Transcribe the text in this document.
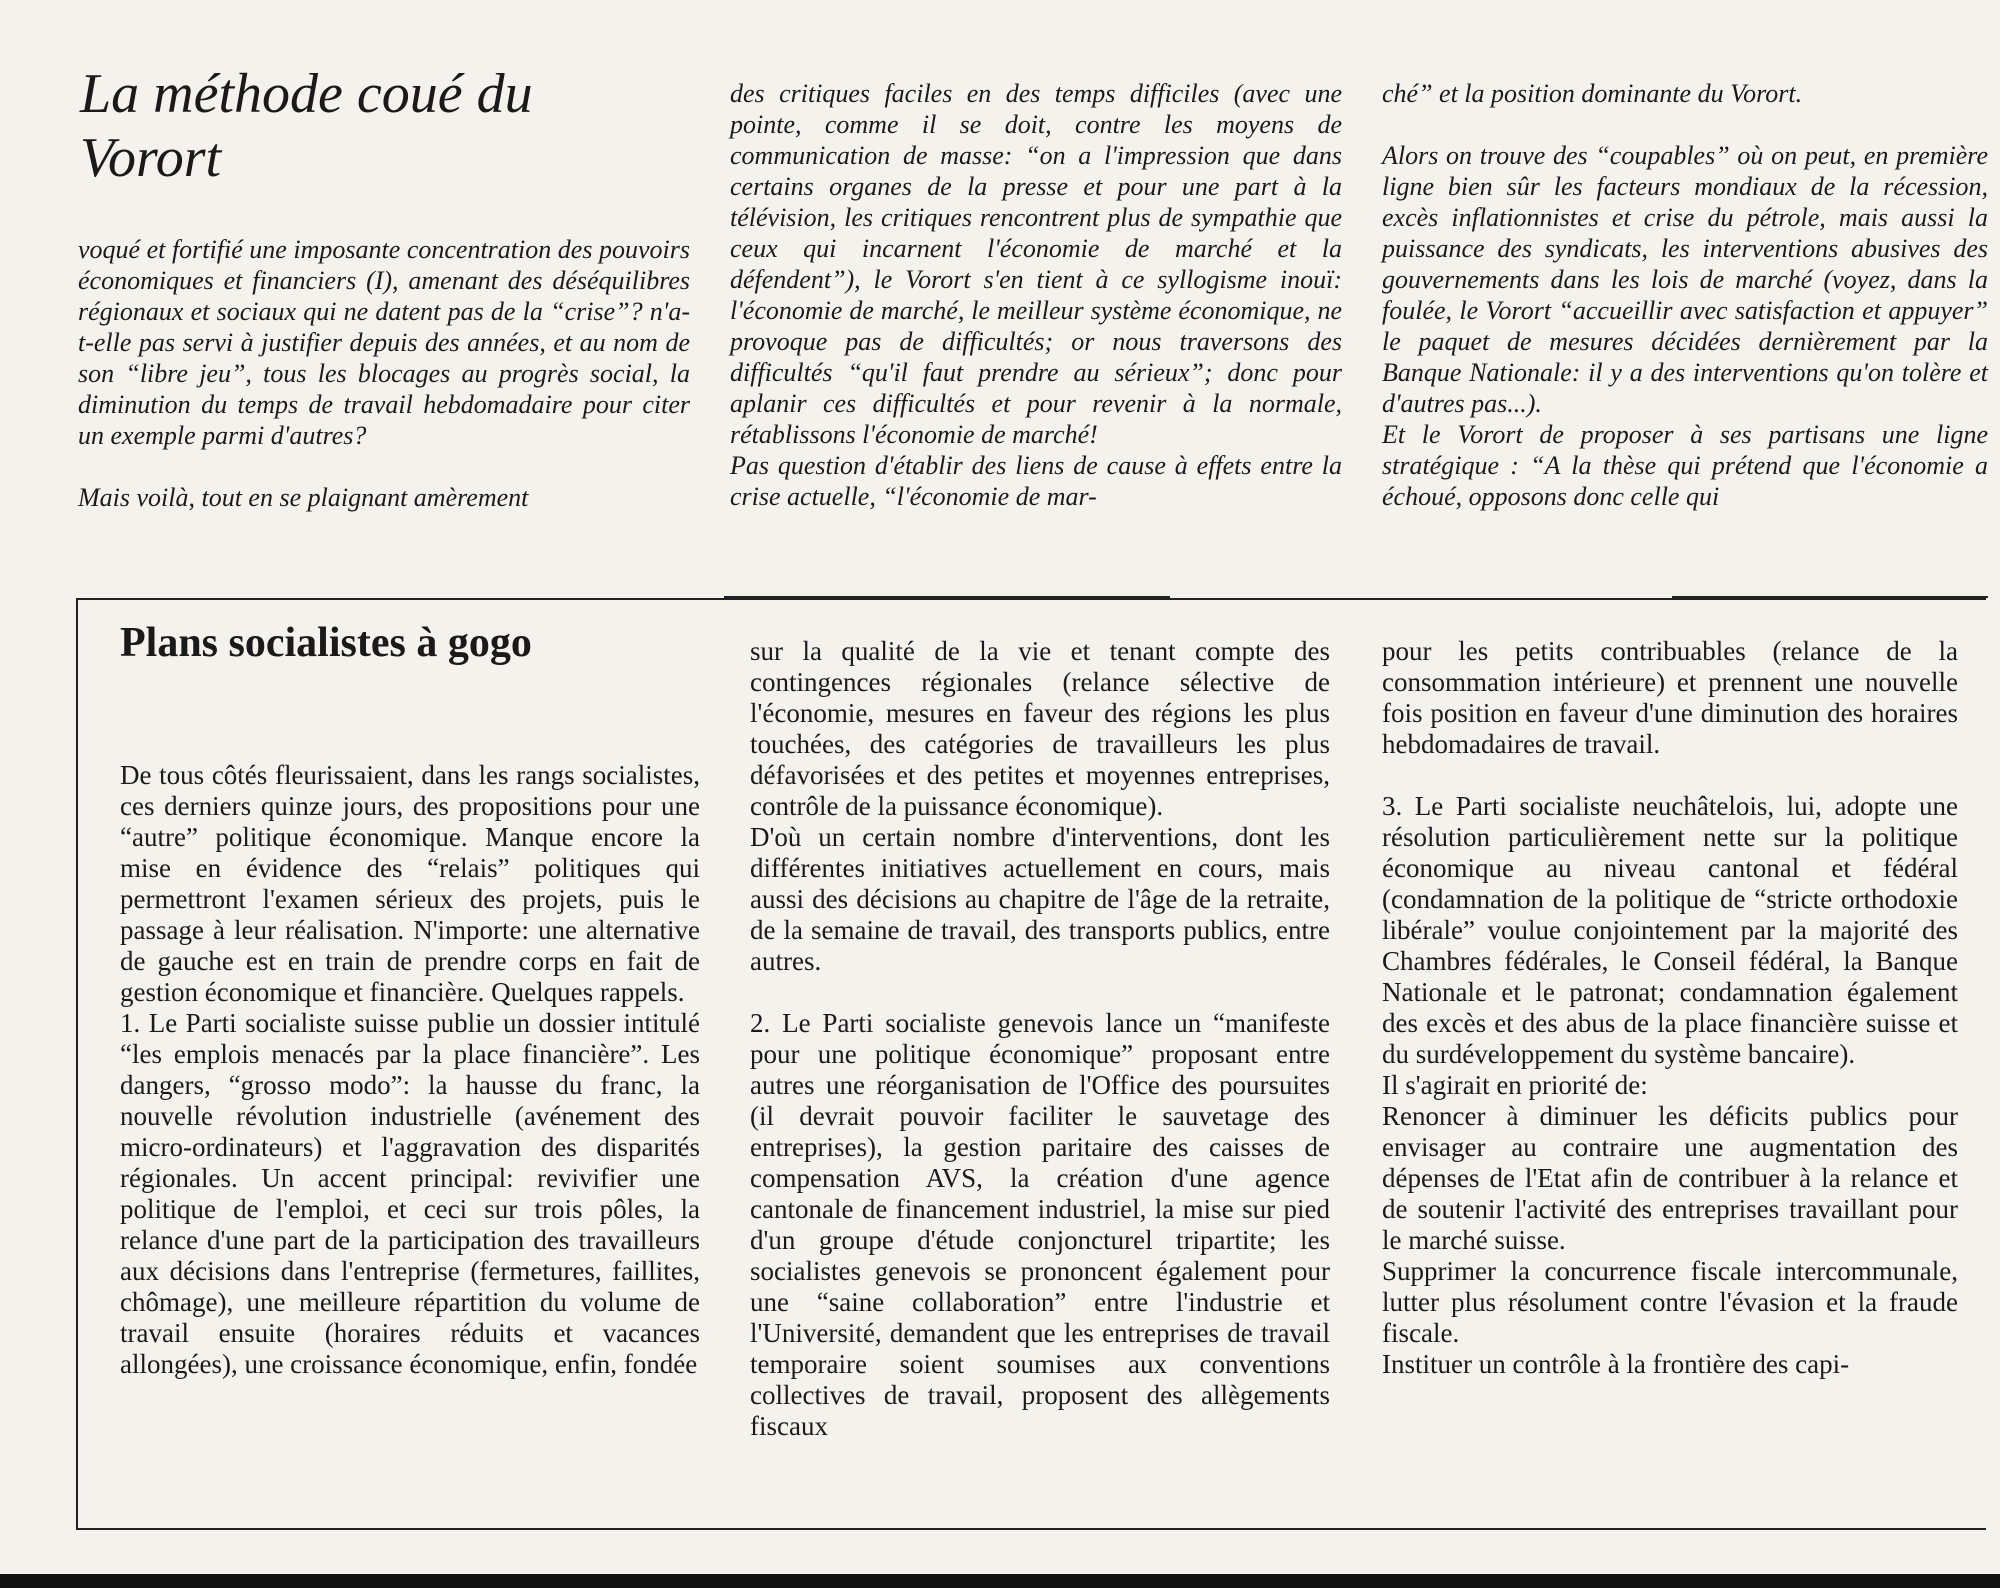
La méthode coué du Vorort

voqué et fortifié une imposante concentration des pouvoirs économiques et financiers (I), amenant des déséquilibres régionaux et sociaux qui ne datent pas de la “crise”? n'a-t-elle pas servi à justifier depuis des années, et au nom de son “libre jeu”, tous les blocages au progrès social, la diminution du temps de travail hebdomadaire pour citer un exemple parmi d'autres?

Mais voilà, tout en se plaignant amèrement

des critiques faciles en des temps difficiles (avec une pointe, comme il se doit, contre les moyens de communication de masse: “on a l'impression que dans certains organes de la presse et pour une part à la télévision, les critiques rencontrent plus de sympathie que ceux qui incarnent l'économie de marché et la défendent”), le Vorort s'en tient à ce syllogisme inouï: l'économie de marché, le meilleur système économique, ne provoque pas de difficultés; or nous traversons des difficultés “qu'il faut prendre au sérieux”; donc pour aplanir ces difficultés et pour revenir à la normale, rétablissons l'économie de marché!

Pas question d'établir des liens de cause à effets entre la crise actuelle, “l'économie de mar-

ché” et la position dominante du Vorort.

Alors on trouve des “coupables” où on peut, en première ligne bien sûr les facteurs mondiaux de la récession, excès inflationnistes et crise du pétrole, mais aussi la puissance des syndicats, les interventions abusives des gouvernements dans les lois de marché (voyez, dans la foulée, le Vorort “accueillir avec satisfaction et appuyer” le paquet de mesures décidées dernièrement par la Banque Nationale: il y a des interventions qu'on tolère et d'autres pas...).

Et le Vorort de proposer à ses partisans une ligne stratégique : “A la thèse qui prétend que l'économie a échoué, opposons donc celle qui

Plans socialistes à gogo

De tous côtés fleurissaient, dans les rangs socialistes, ces derniers quinze jours, des propositions pour une “autre” politique économique. Manque encore la mise en évidence des “relais” politiques qui permettront l'examen sérieux des projets, puis le passage à leur réalisation. N'importe: une alternative de gauche est en train de prendre corps en fait de gestion économique et financière. Quelques rappels.

1. Le Parti socialiste suisse publie un dossier intitulé “les emplois menacés par la place financière”. Les dangers, “grosso modo”: la hausse du franc, la nouvelle révolution industrielle (avénement des micro-ordinateurs) et l'aggravation des disparités régionales. Un accent principal: revivifier une politique de l'emploi, et ceci sur trois pôles, la relance d'une part de la participation des travailleurs aux décisions dans l'entreprise (fermetures, faillites, chômage), une meilleure répartition du volume de travail ensuite (horaires réduits et vacances allongées), une croissance économique, enfin, fondée

sur la qualité de la vie et tenant compte des contingences régionales (relance sélective de l'économie, mesures en faveur des régions les plus touchées, des catégories de travailleurs les plus défavorisées et des petites et moyennes entreprises, contrôle de la puissance économique).

D'où un certain nombre d'interventions, dont les différentes initiatives actuellement en cours, mais aussi des décisions au chapitre de l'âge de la retraite, de la semaine de travail, des transports publics, entre autres.

2. Le Parti socialiste genevois lance un “manifeste pour une politique économique” proposant entre autres une réorganisation de l'Office des poursuites (il devrait pouvoir faciliter le sauvetage des entreprises), la gestion paritaire des caisses de compensation AVS, la création d'une agence cantonale de financement industriel, la mise sur pied d'un groupe d'étude conjoncturel tripartite; les socialistes genevois se prononcent également pour une “saine collaboration” entre l'industrie et l'Université, demandent que les entreprises de travail temporaire soient soumises aux conventions collectives de travail, proposent des allègements fiscaux

pour les petits contribuables (relance de la consommation intérieure) et prennent une nouvelle fois position en faveur d'une diminution des horaires hebdomadaires de travail.

3. Le Parti socialiste neuchâtelois, lui, adopte une résolution particulièrement nette sur la politique économique au niveau cantonal et fédéral (condamnation de la politique de “stricte orthodoxie libérale” voulue conjointement par la majorité des Chambres fédérales, le Conseil fédéral, la Banque Nationale et le patronat; condamnation également des excès et des abus de la place financière suisse et du surdéveloppement du système bancaire).

Il s'agirait en priorité de:

Renoncer à diminuer les déficits publics pour envisager au contraire une augmentation des dépenses de l'Etat afin de contribuer à la relance et de soutenir l'activité des entreprises travaillant pour le marché suisse.

Supprimer la concurrence fiscale intercommunale, lutter plus résolument contre l'évasion et la fraude fiscale.

Instituer un contrôle à la frontière des capi-
